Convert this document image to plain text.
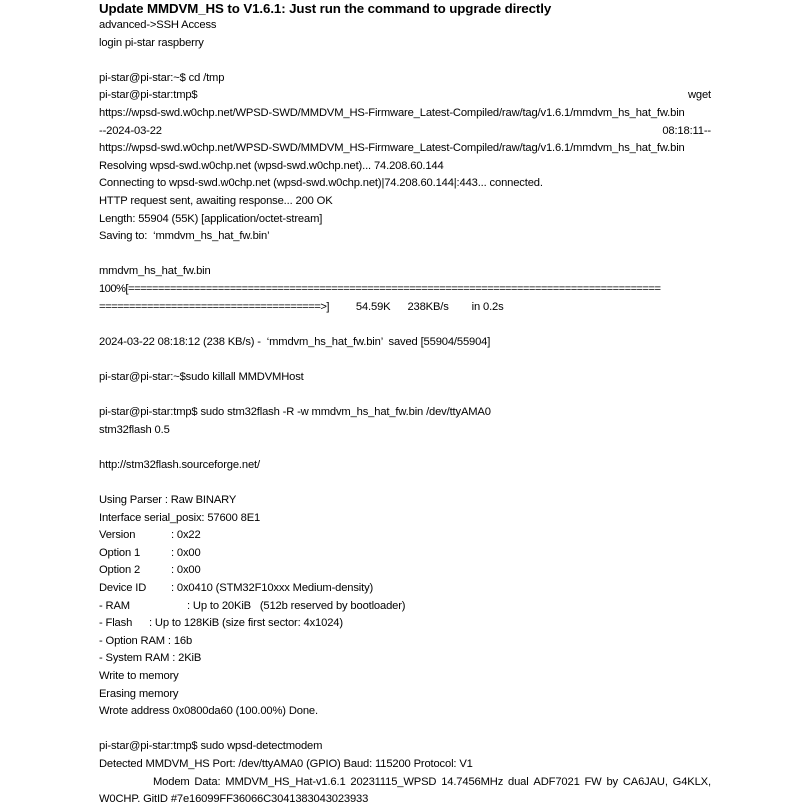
Update MMDVM_HS to V1.6.1: Just run the command to upgrade directly
advanced->SSH Access
login pi-star raspberry
pi-star@pi-star:~$ cd /tmp
pi-star@pi-star:tmp$	wget
https://wpsd-swd.w0chp.net/WPSD-SWD/MMDVM_HS-Firmware_Latest-Compiled/raw/tag/v1.6.1/mmdvm_hs_hat_fw.bin
--2024-03-22	08:18:11--
https://wpsd-swd.w0chp.net/WPSD-SWD/MMDVM_HS-Firmware_Latest-Compiled/raw/tag/v1.6.1/mmdvm_hs_hat_fw.bin
Resolving wpsd-swd.w0chp.net (wpsd-swd.w0chp.net)... 74.208.60.144
Connecting to wpsd-swd.w0chp.net (wpsd-swd.w0chp.net)|74.208.60.144|:443... connected.
HTTP request sent, awaiting response... 200 OK
Length: 55904 (55K) [application/octet-stream]
Saving to:  ‘mmdvm_hs_hat_fw.bin’
mmdvm_hs_hat_fw.bin
100%[=========================================================================================
=====================================>] 54.59K 238KB/s in 0.2s
2024-03-22 08:18:12 (238 KB/s) -  ‘mmdvm_hs_hat_fw.bin’  saved [55904/55904]
pi-star@pi-star:~$sudo killall MMDVMHost
pi-star@pi-star:tmp$ sudo stm32flash -R -w mmdvm_hs_hat_fw.bin /dev/ttyAMA0
stm32flash 0.5
http://stm32flash.sourceforge.net/
Using Parser : Raw BINARY
Interface serial_posix: 57600 8E1
Version	: 0x22
Option 1	: 0x00
Option 2	: 0x00
Device ID : 0x0410 (STM32F10xxx Medium-density)
- RAM	: Up to 20KiB   (512b reserved by bootloader)
- Flash : Up to 128KiB (size first sector: 4x1024)
- Option RAM : 16b
- System RAM : 2KiB
Write to memory
Erasing memory
Wrote address 0x0800da60 (100.00%) Done.
pi-star@pi-star:tmp$ sudo wpsd-detectmodem
Detected MMDVM_HS Port: /dev/ttyAMA0 (GPIO) Baud: 115200 Protocol: V1
Modem Data: MMDVM_HS_Hat-v1.6.1 20231115_WPSD 14.7456MHz dual ADF7021 FW by CA6JAU, G4KLX,
W0CHP. GitID #7e16099FF36066C3041383043023933
